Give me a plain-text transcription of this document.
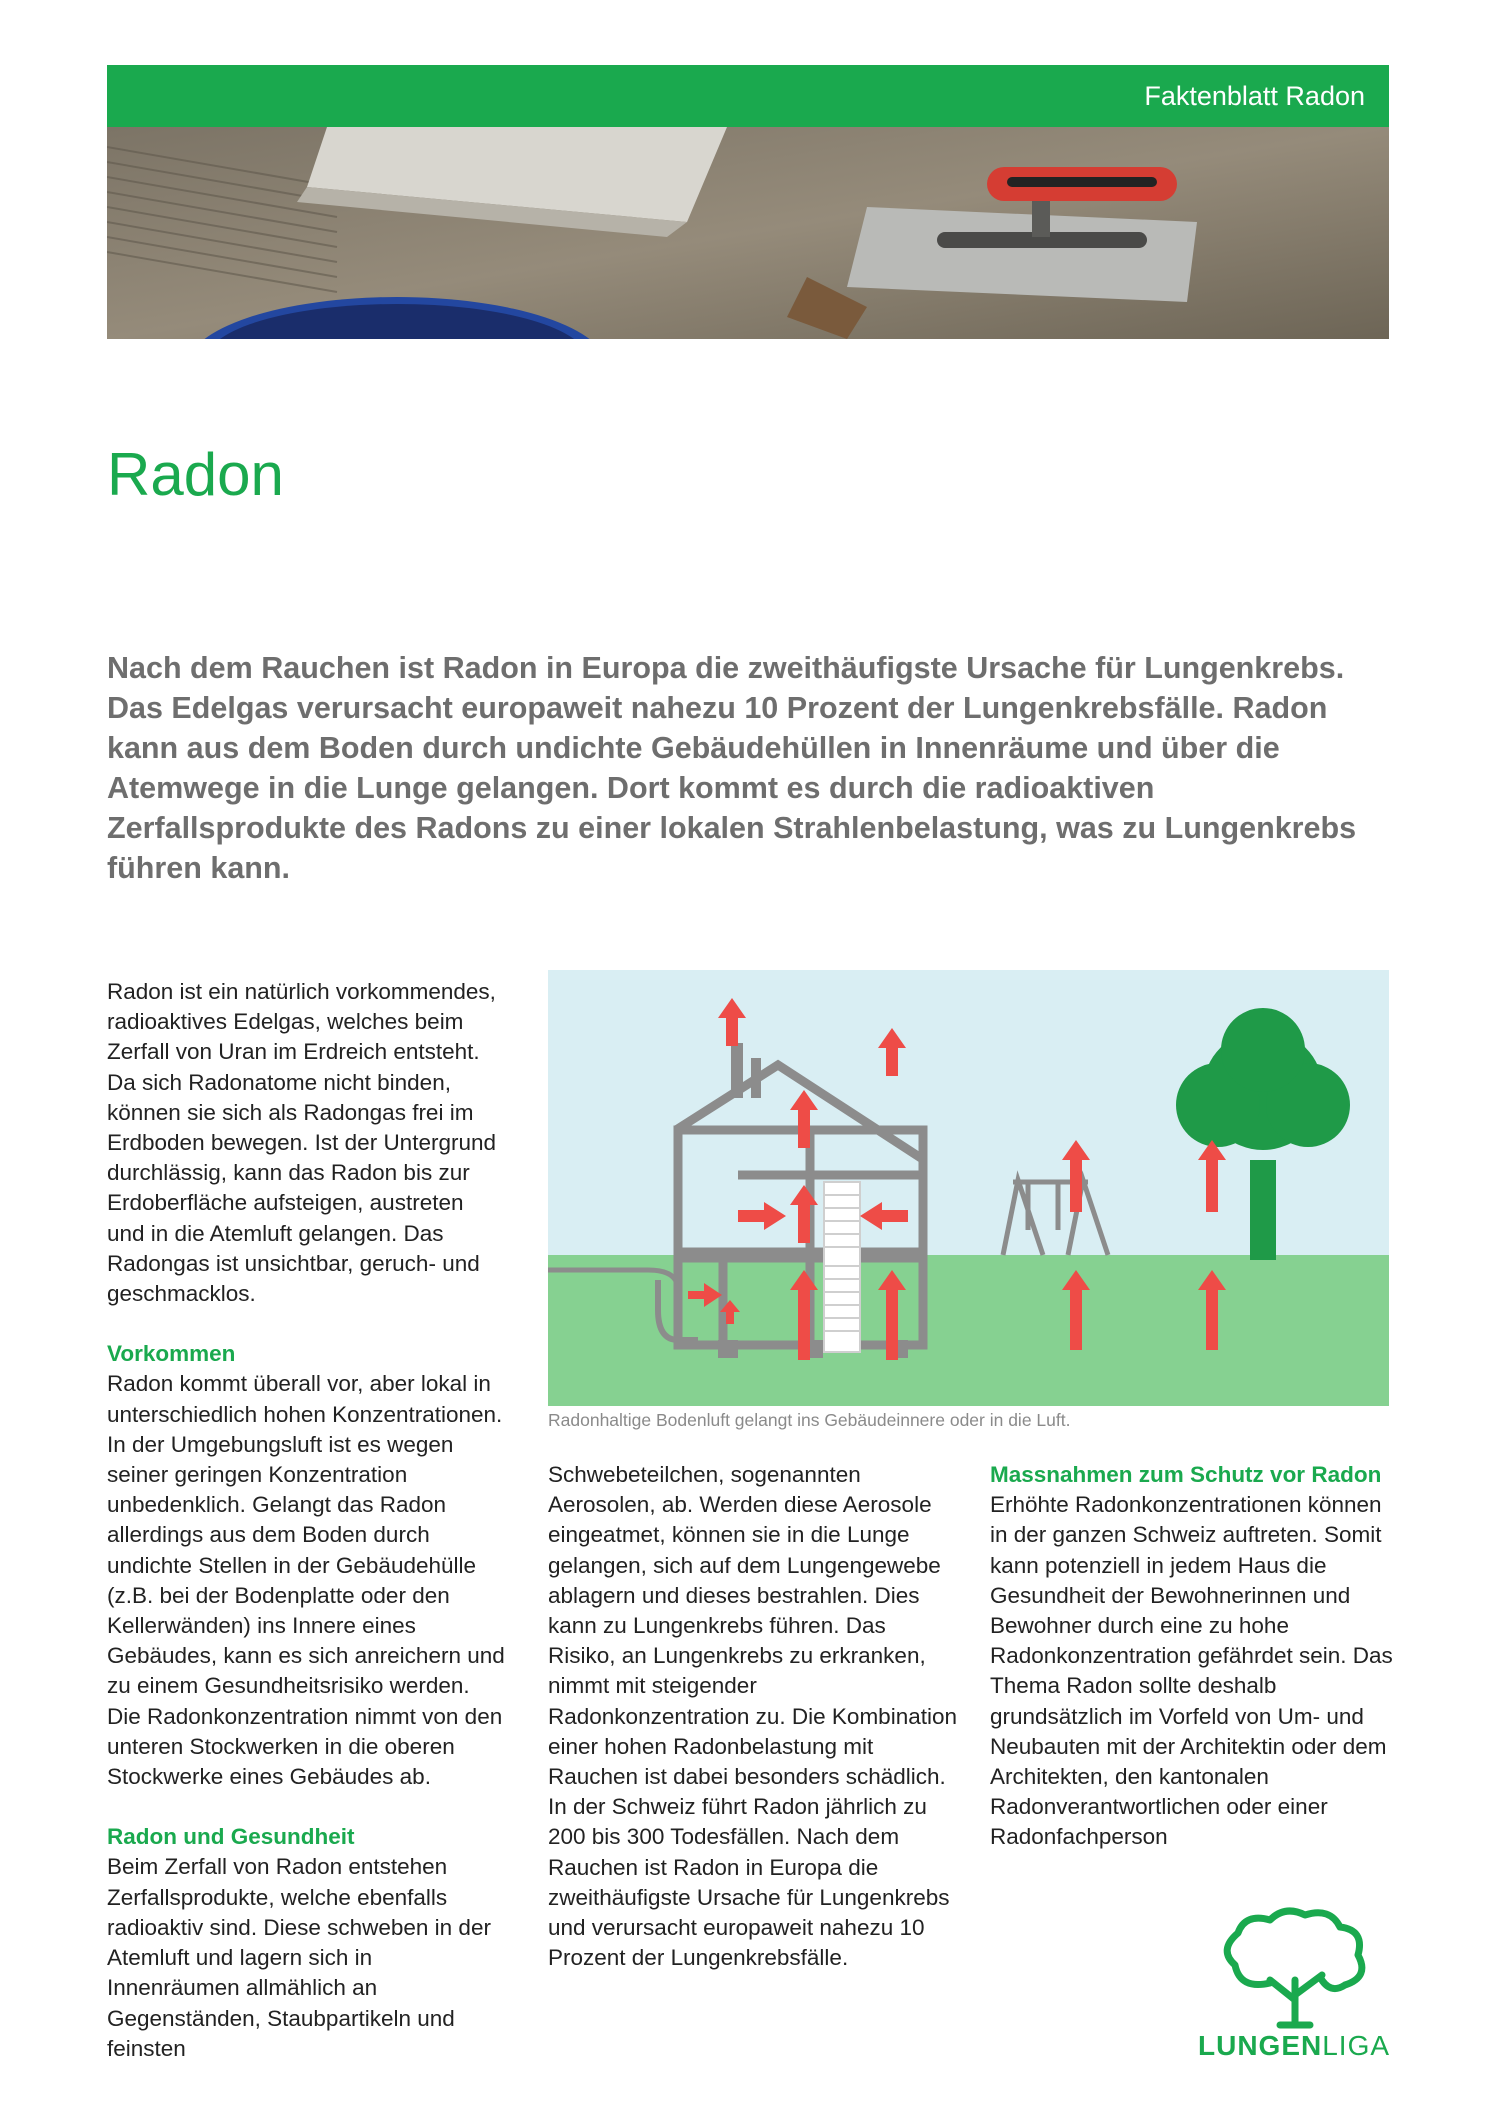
Faktenblatt Radon
Radon

Nach dem Rauchen ist Radon in Europa die zweithäufigste Ursache für Lungenkrebs. Das Edelgas verursacht europaweit nahezu 10 Prozent der Lungenkrebsfälle. Radon kann aus dem Boden durch undichte Gebäudehüllen in Innenräume und über die Atemwege in die Lunge gelangen. Dort kommt es durch die radioaktiven Zerfallsprodukte des Radons zu einer lokalen Strahlenbelastung, was zu Lungenkrebs führen kann.

Radon ist ein natürlich vorkommendes, radioaktives Edelgas, welches beim Zerfall von Uran im Erdreich entsteht. Da sich Radonatome nicht binden, können sie sich als Radongas frei im Erdboden bewegen. Ist der Untergrund durchlässig, kann das Radon bis zur Erdoberfläche aufsteigen, austreten und in die Atemluft gelangen. Das Radongas ist unsichtbar, geruch- und geschmacklos.

Vorkommen

Radon kommt überall vor, aber lokal in unterschiedlich hohen Konzentrationen. In der Umgebungsluft ist es wegen seiner geringen Konzentration unbedenklich. Gelangt das Radon allerdings aus dem Boden durch undichte Stellen in der Gebäudehülle (z.B. bei der Bodenplatte oder den Kellerwänden) ins Innere eines Gebäudes, kann es sich anreichern und zu einem Gesundheitsrisiko werden. Die Radonkonzentration nimmt von den unteren Stockwerken in die oberen Stockwerke eines Gebäudes ab.

Radon und Gesundheit

Beim Zerfall von Radon entstehen Zerfallsprodukte, welche ebenfalls radioaktiv sind. Diese schweben in der Atemluft und lagern sich in Innenräumen allmählich an Gegenständen, Staubpartikeln und feinsten

Radonhaltige Bodenluft gelangt ins Gebäudeinnere oder in die Luft.

Schwebeteilchen, sogenannten Aerosolen, ab. Werden diese Aerosole eingeatmet, können sie in die Lunge gelangen, sich auf dem Lungengewebe ablagern und dieses bestrahlen. Dies kann zu Lungenkrebs führen. Das Risiko, an Lungenkrebs zu erkranken, nimmt mit steigender Radonkonzentration zu. Die Kombination einer hohen Radonbelastung mit Rauchen ist dabei besonders schädlich. In der Schweiz führt Radon jährlich zu 200 bis 300 Todesfällen. Nach dem Rauchen ist Radon in Europa die zweithäufigste Ursache für Lungenkrebs und verursacht europaweit nahezu 10 Prozent der Lungenkrebsfälle.

Massnahmen zum Schutz vor Radon

Erhöhte Radonkonzentrationen können in der ganzen Schweiz auftreten. Somit kann potenziell in jedem Haus die Gesundheit der Bewohnerinnen und Bewohner durch eine zu hohe Radonkonzentration gefährdet sein. Das Thema Radon sollte deshalb grundsätzlich im Vorfeld von Um- und Neubauten mit der Architektin oder dem Architekten, den kantonalen Radonverantwortlichen oder einer Radonfachperson

LUNGENLIGA
